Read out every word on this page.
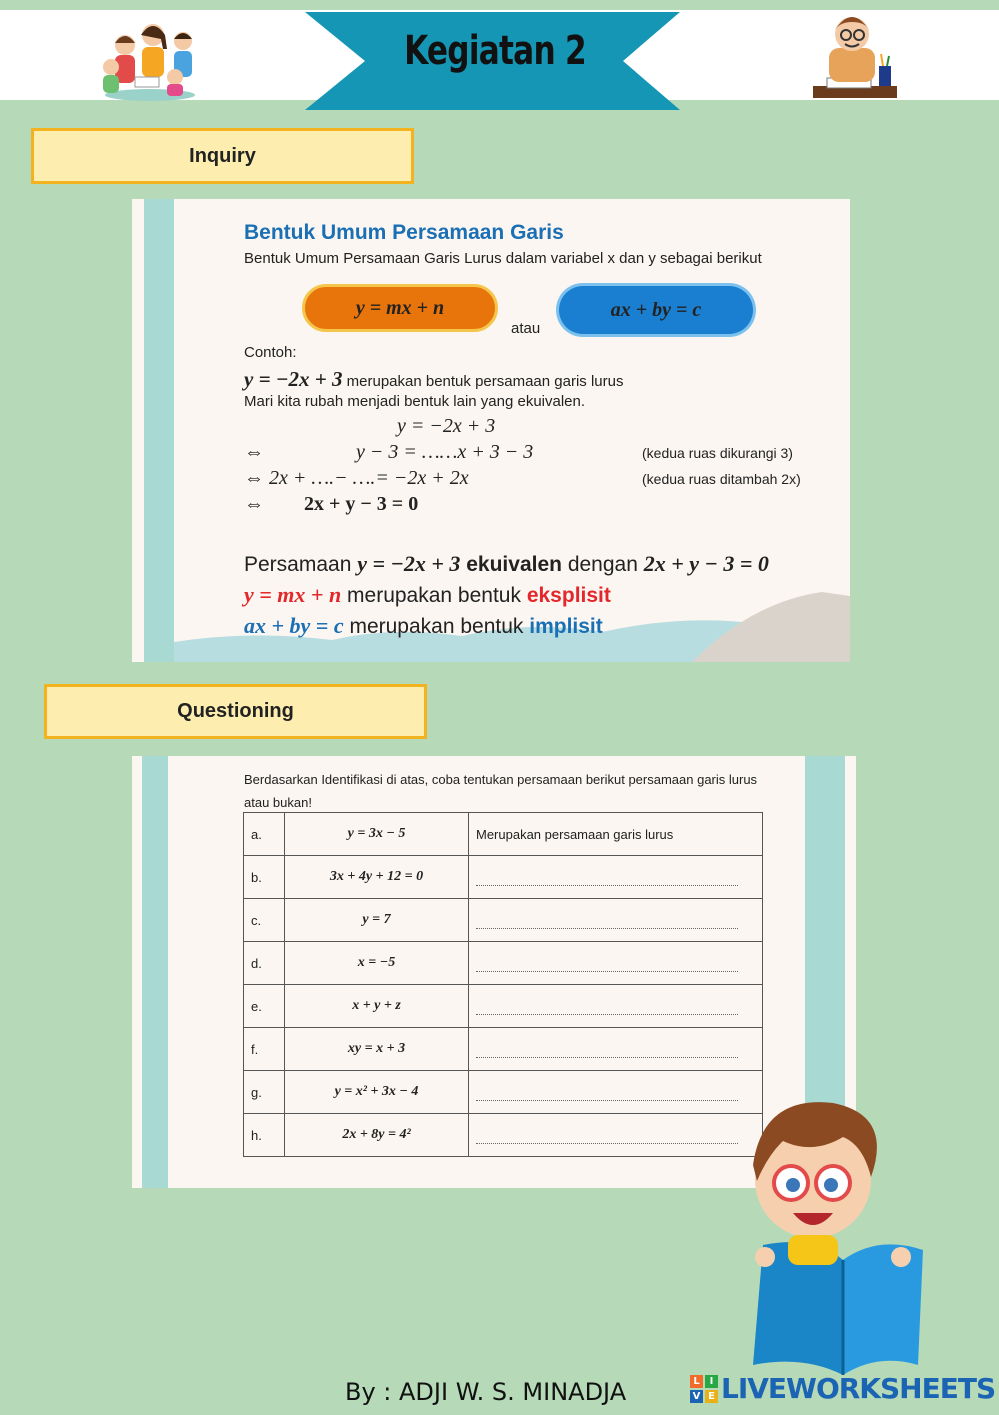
Kegiatan 2
Inquiry
Bentuk Umum Persamaan Garis
Bentuk Umum Persamaan Garis Lurus dalam variabel x dan y sebagai berikut
y = mx + n
atau
ax + by = c
Contoh:
y = −2x + 3 merupakan bentuk persamaan garis lurus
Mari kita rubah menjadi bentuk lain yang ekuivalen.
y = −2x + 3
⇔	y − 3 = ……x + 3 − 3	(kedua ruas dikurangi 3)
⇔ 2x + ….− ….= −2x + 2x	(kedua ruas ditambah 2x)
⇔ 2x + y − 3 = 0
Persamaan y = −2x + 3 ekuivalen dengan 2x + y − 3 = 0
y = mx + n merupakan bentuk eksplisit
ax + by = c merupakan bentuk implisit
Questioning
Berdasarkan Identifikasi di atas, coba tentukan persamaan berikut persamaan garis lurus atau bukan!
a.	y = 3x − 5	Merupakan persamaan garis lurus
b.	3x + 4y + 12 = 0	
c.	y = 7	
d.	x = −5	
e.	x + y + z	
f.	xy = x + 3	
g.	y = x² + 3x − 4	
h.	2x + 8y = 4²	
By : ADJI W. S. MINADJA	L I
V E LIVEWORKSHEETS
